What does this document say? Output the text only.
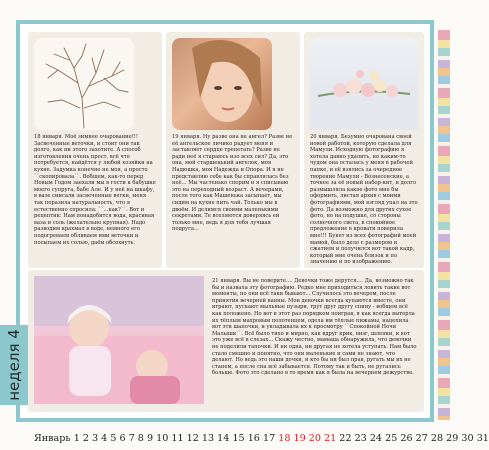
18 января. Моё зимнее очарование!!! Засвеченные веточки, и стоит они так долго, как ни этого захотите. А способ изготовления очень прост, всё что потребуется, найдётся у любой хозяйки на кухне. Задумка конечно не моя, а просто ``скопировала``. Вобщем, как-то перед Новым Годом заехали мы в гости к бабушке моего супруга, бабе Але. И у неё на шкафу, в вазе сиисали засвеченные ветки, меня так поразила натуральность, что я естественно спросила: ``...как?``. Вот и рецептик: Нам понадобится вода, красивая ваза и соль (желательно крупная). Надо разводим крахмал в воде, немного его подогреваем обливаем ими веточки и посыпаем их солью, даём обсохнуть.
19 января. Ну разве она не ангел? Разве не её ангельское личико радует меня и заставляет сердце трепетать? Разве не ради неё я стараюсь изо всех сил? Да, это она, мой старшенький ангелок, моя Надюшка, моя Надежда и Опора. И я не представляю себе как бы справлялась без неё... Мы частенько спорим и я списываю это на переходный возраст. А вечерами, после того как Машенька засыпает, мы сидим на кухне пить чай. Только мы в двоём. И делимся своими маленькими секретами. Те вселяются доверяясь ей только мне, ведь я для тебя лучшая подруга...
20 января. Безумно очарована своей новой работой, которую сделала для Мамули. Исходную фотографию я хотела давно удалить, но каким-то чудом она осталась у меня в рабочей папке, и её взялись за очередное творение Мамули - Вознесенские, а точнее за её новый набор-кит, и долго размышляла какое фото мне бы оформить, листая архив с моими фотографиями, мой взгляд упал на это фото. Да возможно для других сухое фото, но на подушке, со стороны солнечного света, в спокойное предложение в кровати поверила мне!!! Букет из всех фотографий моей мамой, было дело с размером и сжатием и получился вот такой кадр, который мне очень близок и по значению и по изображению.
21 января. Вы не поверите.... Девочки тоже дерутся.... Да, возможно так бы и назвала эту фотографию. Редко мне приходиться ловить такие вот моменты, но они всё таки бывают... Случилось это вечером, после принятия вечерней ванны. Мои девочки всегда купаются вместе, они играют, пускают мыльные пузыри, трут друг другу спину - вобщем всё как положено. Но вот в этот раз порядком поиграв, я как всегда вытерла их тёплым махровым полотенцем, одела им тёплые пижамы, нацепила вот эти шапочки, и укладывала их к просмотру ``Спокойной Ночи Малыши``. Всё было тихо и мирно, как вдруг крик, визг, шлепки, и вот это уже всё в слезах... Скажу честно, мамаша обнаружила, что девочки не поделили тапочки. И ни одна, ни другая не хотела уступать. Нам было стало смешно и понятно, что они маленькие и сами не знают, что делают. Но ведь это наши дочки, и кто бы ни был прав, ругать мы их не станем, а после сна всё забывается. Потому так и быть, не ругались больше. Фото это сделано в то время как я была на вечернем дежурстве.
неделя 4
Январь 1 2 3 4 5 6 7 8 9 10 11 12 13 14 15 16 17 18 19 20 21 22 23 24 25 26 27 28 29 30 31
